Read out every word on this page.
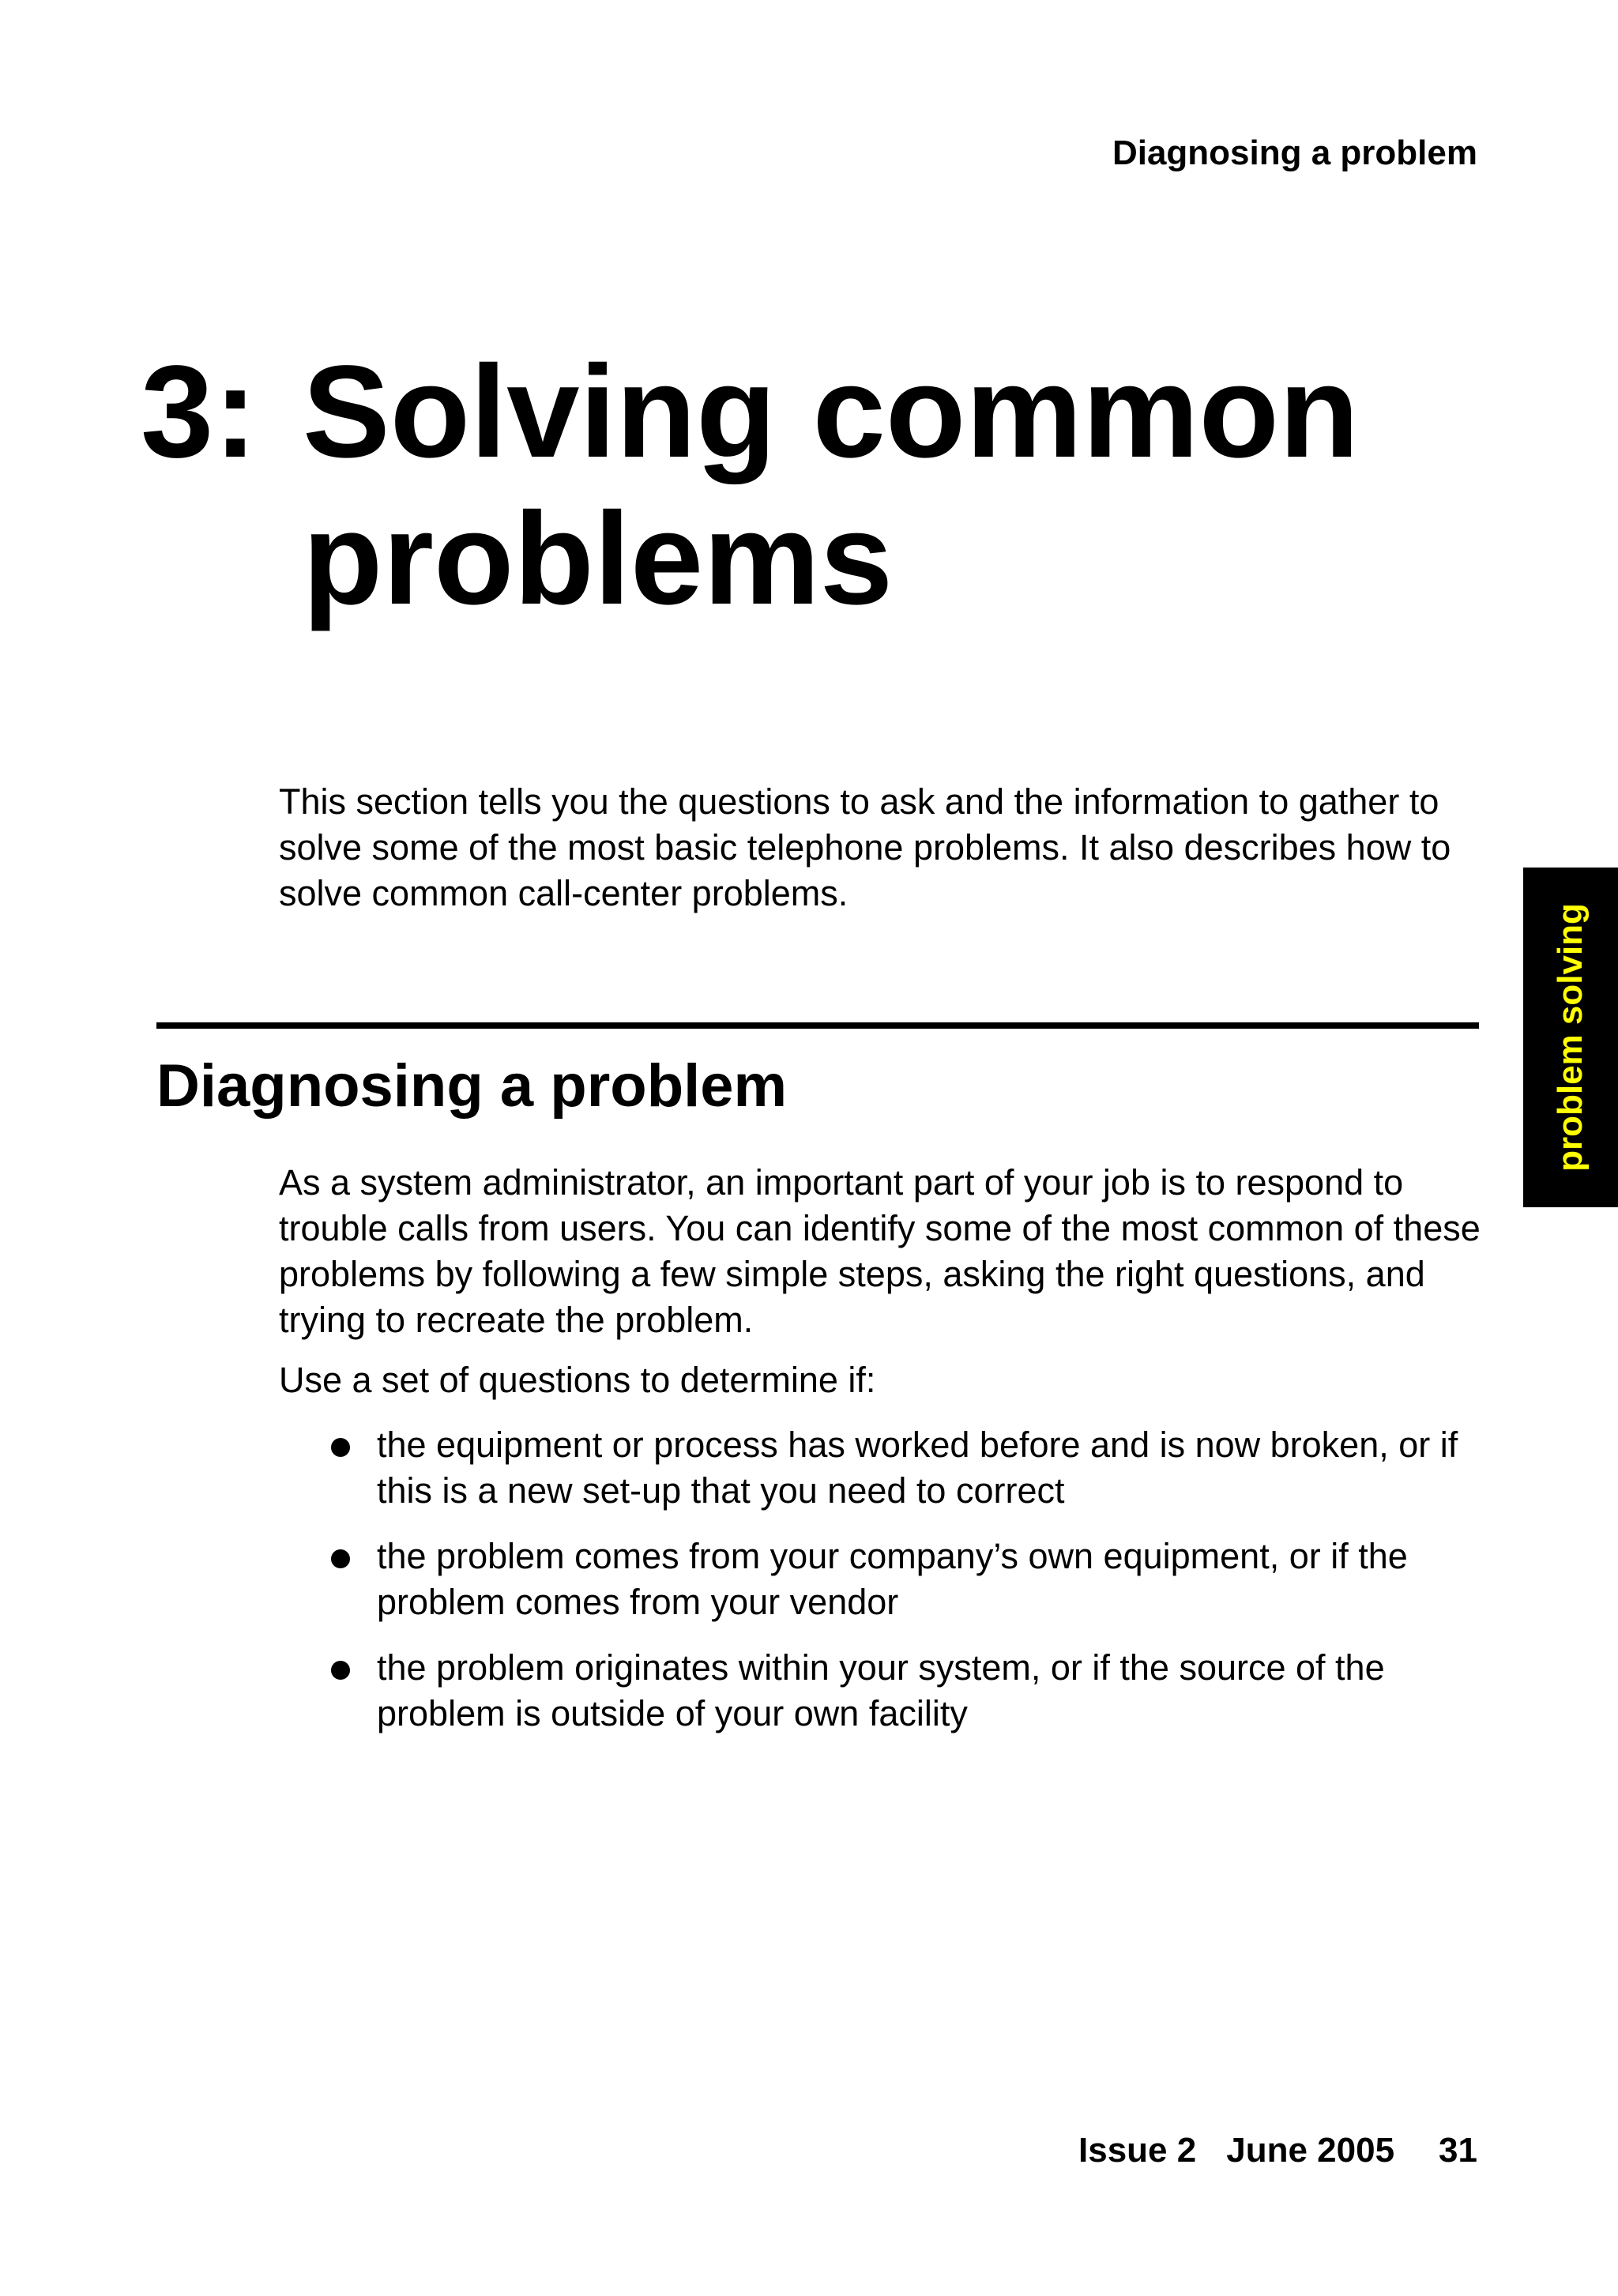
Diagnosing a problem
3: Solving common problems

This section tells you the questions to ask and the information to gather to solve some of the most basic telephone problems. It also describes how to solve common call-center problems.

Diagnosing a problem

As a system administrator, an important part of your job is to respond to trouble calls from users. You can identify some of the most common of these problems by following a few simple steps, asking the right questions, and trying to recreate the problem.

Use a set of questions to determine if:

the equipment or process has worked before and is now broken, or if this is a new set-up that you need to correct
the problem comes from your company’s own equipment, or if the problem comes from your vendor
the problem originates within your system, or if the source of the problem is outside of your own facility
problem solving
Issue 2 June 2005 31
